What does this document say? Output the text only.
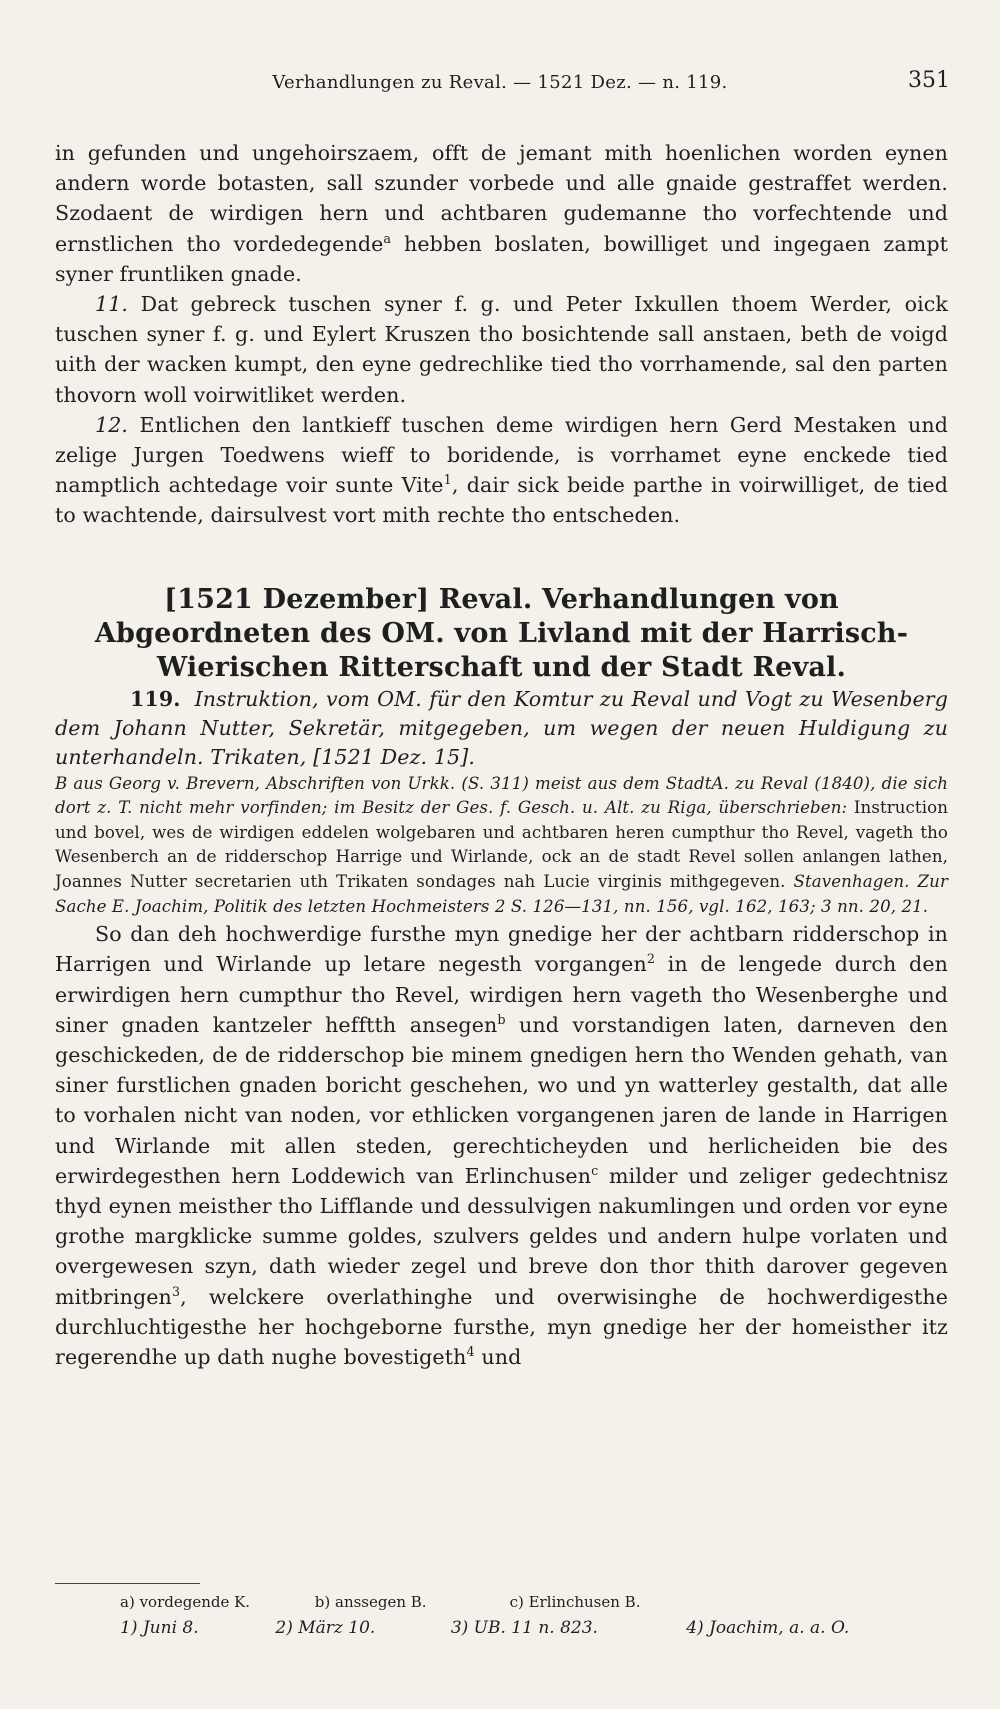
Verhandlungen zu Reval. — 1521 Dez. — n. 119.	351

in gefunden und ungehoirszaem, offt de jemant mith hoenlichen worden eynen andern worde botasten, sall szunder vorbede und alle gnaide gestraffet werden. Szodaent de wirdigen hern und achtbaren gudemanne tho vorfechtende und ernstlichen tho vordedegende$^a$ hebben boslaten, bowilliget und ingegaen zampt syner fruntliken gnade.

11. Dat gebreck tuschen syner f. g. und Peter Ixkullen thoem Werder, oick tuschen syner f. g. und Eylert Kruszen tho bosichtende sall anstaen, beth de voigd uith der wacken kumpt, den eyne gedrechlike tied tho vorrhamende, sal den parten thovorn woll voirwitliket werden.

12. Entlichen den lantkieff tuschen deme wirdigen hern Gerd Mestaken und zelige Jurgen Toedwens wieff to boridende, is vorrhamet eyne enckede tied namptlich achtedage voir sunte Vite$^1$, dair sick beide parthe in voirwilliget, de tied to wachtende, dairsulvest vort mith rechte tho entscheden.

[1521 Dezember] Reval. Verhandlungen von Abgeordneten des OM. von Livland mit der Harrisch-Wierischen Ritterschaft und der Stadt Reval.

119. Instruktion, vom OM. für den Komtur zu Reval und Vogt zu Wesenberg dem Johann Nutter, Sekretär, mitgegeben, um wegen der neuen Huldigung zu unterhandeln. Trikaten, [1521 Dez. 15].

B aus Georg v. Brevern, Abschriften von Urkk. (S. 311) meist aus dem StadtA. zu Reval (1840), die sich dort z. T. nicht mehr vorfinden; im Besitz der Ges. f. Gesch. u. Alt. zu Riga, überschrieben: Instruction und bovel, wes de wirdigen eddelen wolgebaren und achtbaren heren cumpthur tho Revel, vageth tho Wesenberch an de ridderschop Harrige und Wirlande, ock an de stadt Revel sollen anlangen lathen, Joannes Nutter secretarien uth Trikaten sondages nah Lucie virginis mithgegeven. Stavenhagen. Zur Sache E. Joachim, Politik des letzten Hochmeisters 2 S. 126—131, nn. 156, vgl. 162, 163; 3 nn. 20, 21.

So dan deh hochwerdige fursthe myn gnedige her der achtbarn ridderschop in Harrigen und Wirlande up letare negesth vorgangen$^2$ in de lengede durch den erwirdigen hern cumpthur tho Revel, wirdigen hern vageth tho Wesenberghe und siner gnaden kantzeler hefftth ansegen$^b$ und vorstandigen laten, darneven den geschickeden, de de ridderschop bie minem gnedigen hern tho Wenden gehath, van siner furstlichen gnaden boricht geschehen, wo und yn watterley gestalth, dat alle to vorhalen nicht van noden, vor ethlicken vorgangenen jaren de lande in Harrigen und Wirlande mit allen steden, gerechticheyden und herlicheiden bie des erwirdegesthen hern Loddewich van Erlinchusen$^c$ milder und zeliger gedechtnisz thyd eynen meisther tho Lifflande und dessulvigen nakumlingen und orden vor eyne grothe margklicke summe goldes, szulvers geldes und andern hulpe vorlaten und overgewesen szyn, dath wieder zegel und breve don thor thith darover gegeven mitbringen$^3$, welckere overlathinghe und overwisinghe de hochwerdigesthe durchluchtigesthe her hochgeborne fursthe, myn gnedige her der homeisther itz regerendhe up dath nughe bovestigeth$^4$ und

a) vordegende K.	b) anssegen B.	c) Erlinchusen B.
1) Juni 8.	2) März 10.	3) UB. 11 n. 823.	4) Joachim, a. a. O.
